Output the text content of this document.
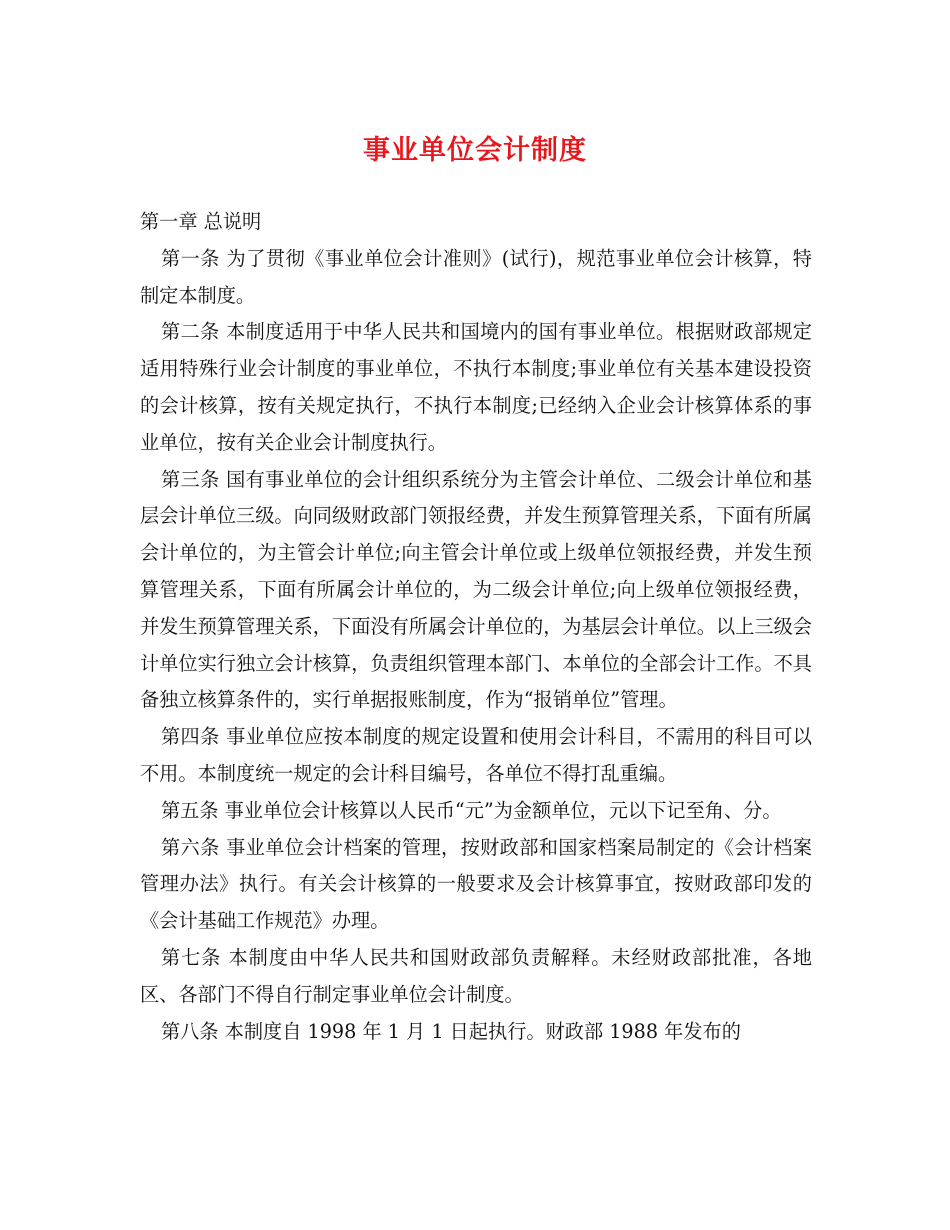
事业单位会计制度

第一章 总说明

第一条 为了贯彻《事业单位会计准则》(试行)，规范事业单位会计核算，特制定本制度。

第二条 本制度适用于中华人民共和国境内的国有事业单位。根据财政部规定适用特殊行业会计制度的事业单位，不执行本制度;事业单位有关基本建设投资的会计核算，按有关规定执行，不执行本制度;已经纳入企业会计核算体系的事业单位，按有关企业会计制度执行。

第三条 国有事业单位的会计组织系统分为主管会计单位、二级会计单位和基层会计单位三级。向同级财政部门领报经费，并发生预算管理关系，下面有所属会计单位的，为主管会计单位;向主管会计单位或上级单位领报经费，并发生预算管理关系，下面有所属会计单位的，为二级会计单位;向上级单位领报经费，并发生预算管理关系，下面没有所属会计单位的，为基层会计单位。以上三级会计单位实行独立会计核算，负责组织管理本部门、本单位的全部会计工作。不具备独立核算条件的，实行单据报账制度，作为“报销单位”管理。

第四条 事业单位应按本制度的规定设置和使用会计科目，不需用的科目可以不用。本制度统一规定的会计科目编号，各单位不得打乱重编。

第五条 事业单位会计核算以人民币“元”为金额单位，元以下记至角、分。

第六条 事业单位会计档案的管理，按财政部和国家档案局制定的《会计档案管理办法》执行。有关会计核算的一般要求及会计核算事宜，按财政部印发的《会计基础工作规范》办理。

第七条 本制度由中华人民共和国财政部负责解释。未经财政部批准，各地区、各部门不得自行制定事业单位会计制度。

第八条 本制度自 1998 年 1 月 1 日起执行。财政部 1988 年发布的
